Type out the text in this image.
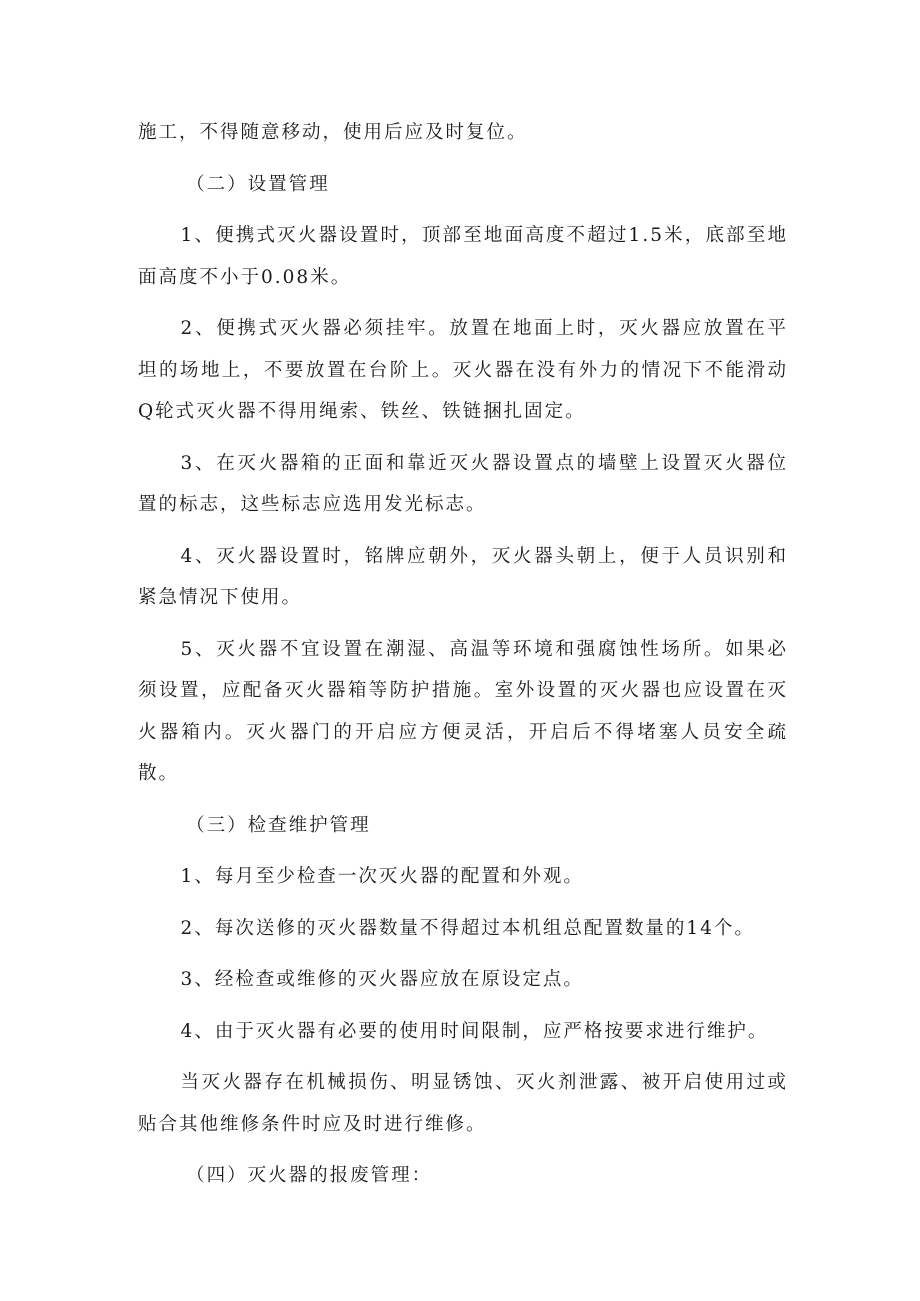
施工，不得随意移动，使用后应及时复位。

（二）设置管理

1、便携式灭火器设置时，顶部至地面高度不超过1.5米，底部至地面高度不小于0.08米。

2、便携式灭火器必须挂牢。放置在地面上时，灭火器应放置在平坦的场地上，不要放置在台阶上。灭火器在没有外力的情况下不能滑动Q轮式灭火器不得用绳索、铁丝、铁链捆扎固定。

3、在灭火器箱的正面和靠近灭火器设置点的墙壁上设置灭火器位置的标志，这些标志应选用发光标志。

4、灭火器设置时，铭牌应朝外，灭火器头朝上，便于人员识别和紧急情况下使用。

5、灭火器不宜设置在潮湿、高温等环境和强腐蚀性场所。如果必须设置，应配备灭火器箱等防护措施。室外设置的灭火器也应设置在灭火器箱内。灭火器门的开启应方便灵活，开启后不得堵塞人员安全疏散。

（三）检查维护管理

1、每月至少检查一次灭火器的配置和外观。

2、每次送修的灭火器数量不得超过本机组总配置数量的14个。

3、经检查或维修的灭火器应放在原设定点。

4、由于灭火器有必要的使用时间限制，应严格按要求进行维护。

当灭火器存在机械损伤、明显锈蚀、灭火剂泄露、被开启使用过或贴合其他维修条件时应及时进行维修。

（四）灭火器的报废管理：
